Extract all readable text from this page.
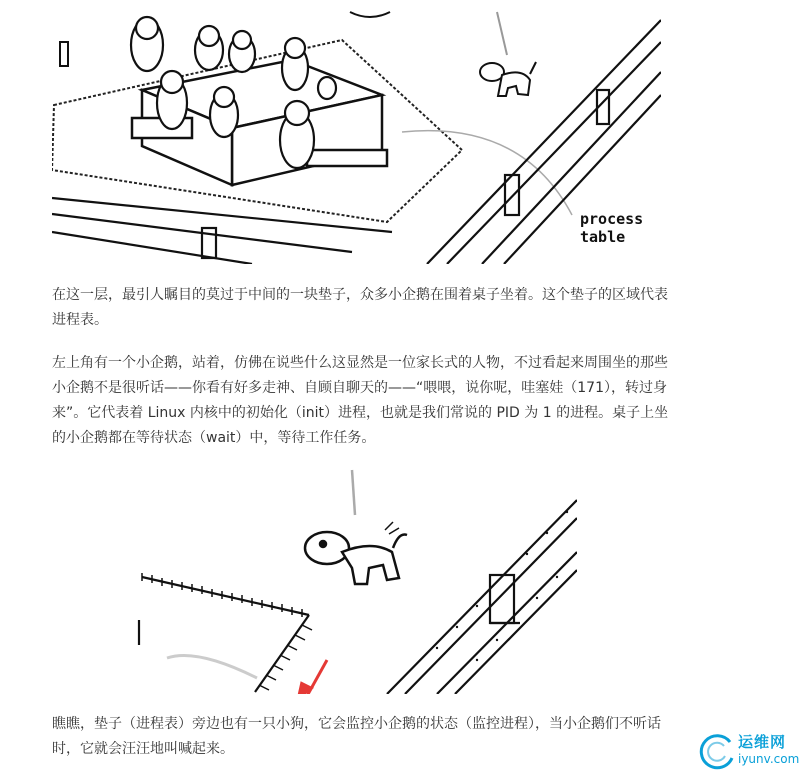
process
table

在这一层，最引人瞩目的莫过于中间的一块垫子，众多小企鹅在围着桌子坐着。这个垫子的区域代表进程表。

左上角有一个小企鹅，站着，仿佛在说些什么这显然是一位家长式的人物，不过看起来周围坐的那些小企鹅不是很听话——你看有好多走神、自顾自聊天的——“喂喂，说你呢，哇塞娃（171），转过身来”。它代表着 Linux 内核中的初始化（init）进程，也就是我们常说的 PID 为 1 的进程。桌子上坐的小企鹅都在等待状态（wait）中，等待工作任务。

瞧瞧，垫子（进程表）旁边也有一只小狗，它会监控小企鹅的状态（监控进程），当小企鹅们不听话时，它就会汪汪地叫喊起来。	运维网
iyunv.com
